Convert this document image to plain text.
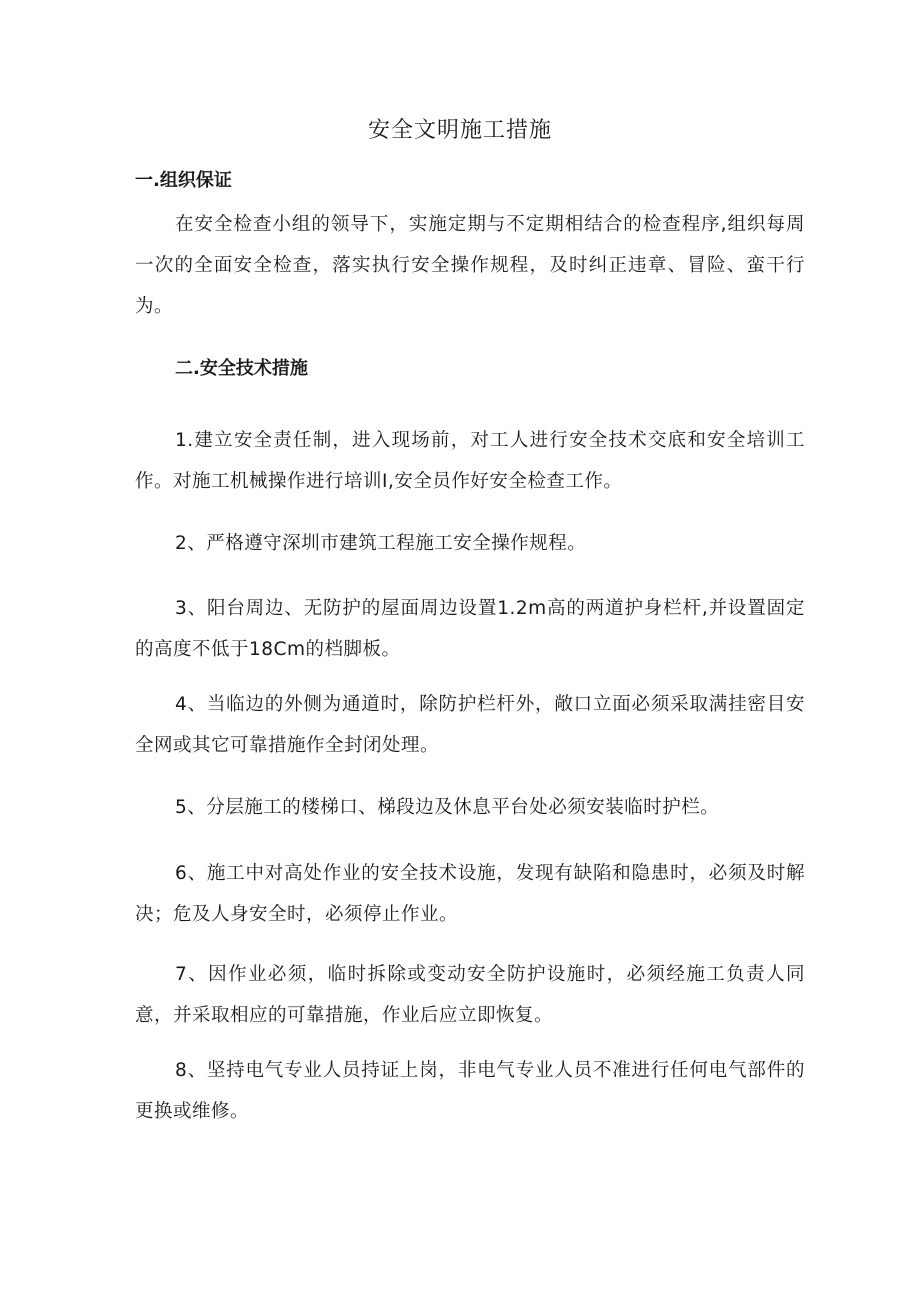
安全文明施工措施
一.组织保证
在安全检查小组的领导下，实施定期与不定期相结合的检查程序,组织每周一次的全面安全检查，落实执行安全操作规程，及时纠正违章、冒险、蛮干行为。
二.安全技术措施
1.建立安全责任制，进入现场前，对工人进行安全技术交底和安全培训工作。对施工机械操作进行培训I,安全员作好安全检查工作。
2、严格遵守深圳市建筑工程施工安全操作规程。
3、阳台周边、无防护的屋面周边设置1.2m高的两道护身栏杆,并设置固定的高度不低于18Cm的档脚板。
4、当临边的外侧为通道时，除防护栏杆外，敞口立面必须采取满挂密目安全网或其它可靠措施作全封闭处理。
5、分层施工的楼梯口、梯段边及休息平台处必须安装临时护栏。
6、施工中对高处作业的安全技术设施，发现有缺陷和隐患时，必须及时解决；危及人身安全时，必须停止作业。
7、因作业必须，临时拆除或变动安全防护设施时，必须经施工负责人同意，并采取相应的可靠措施，作业后应立即恢复。
8、坚持电气专业人员持证上岗，非电气专业人员不准进行任何电气部件的更换或维修。
